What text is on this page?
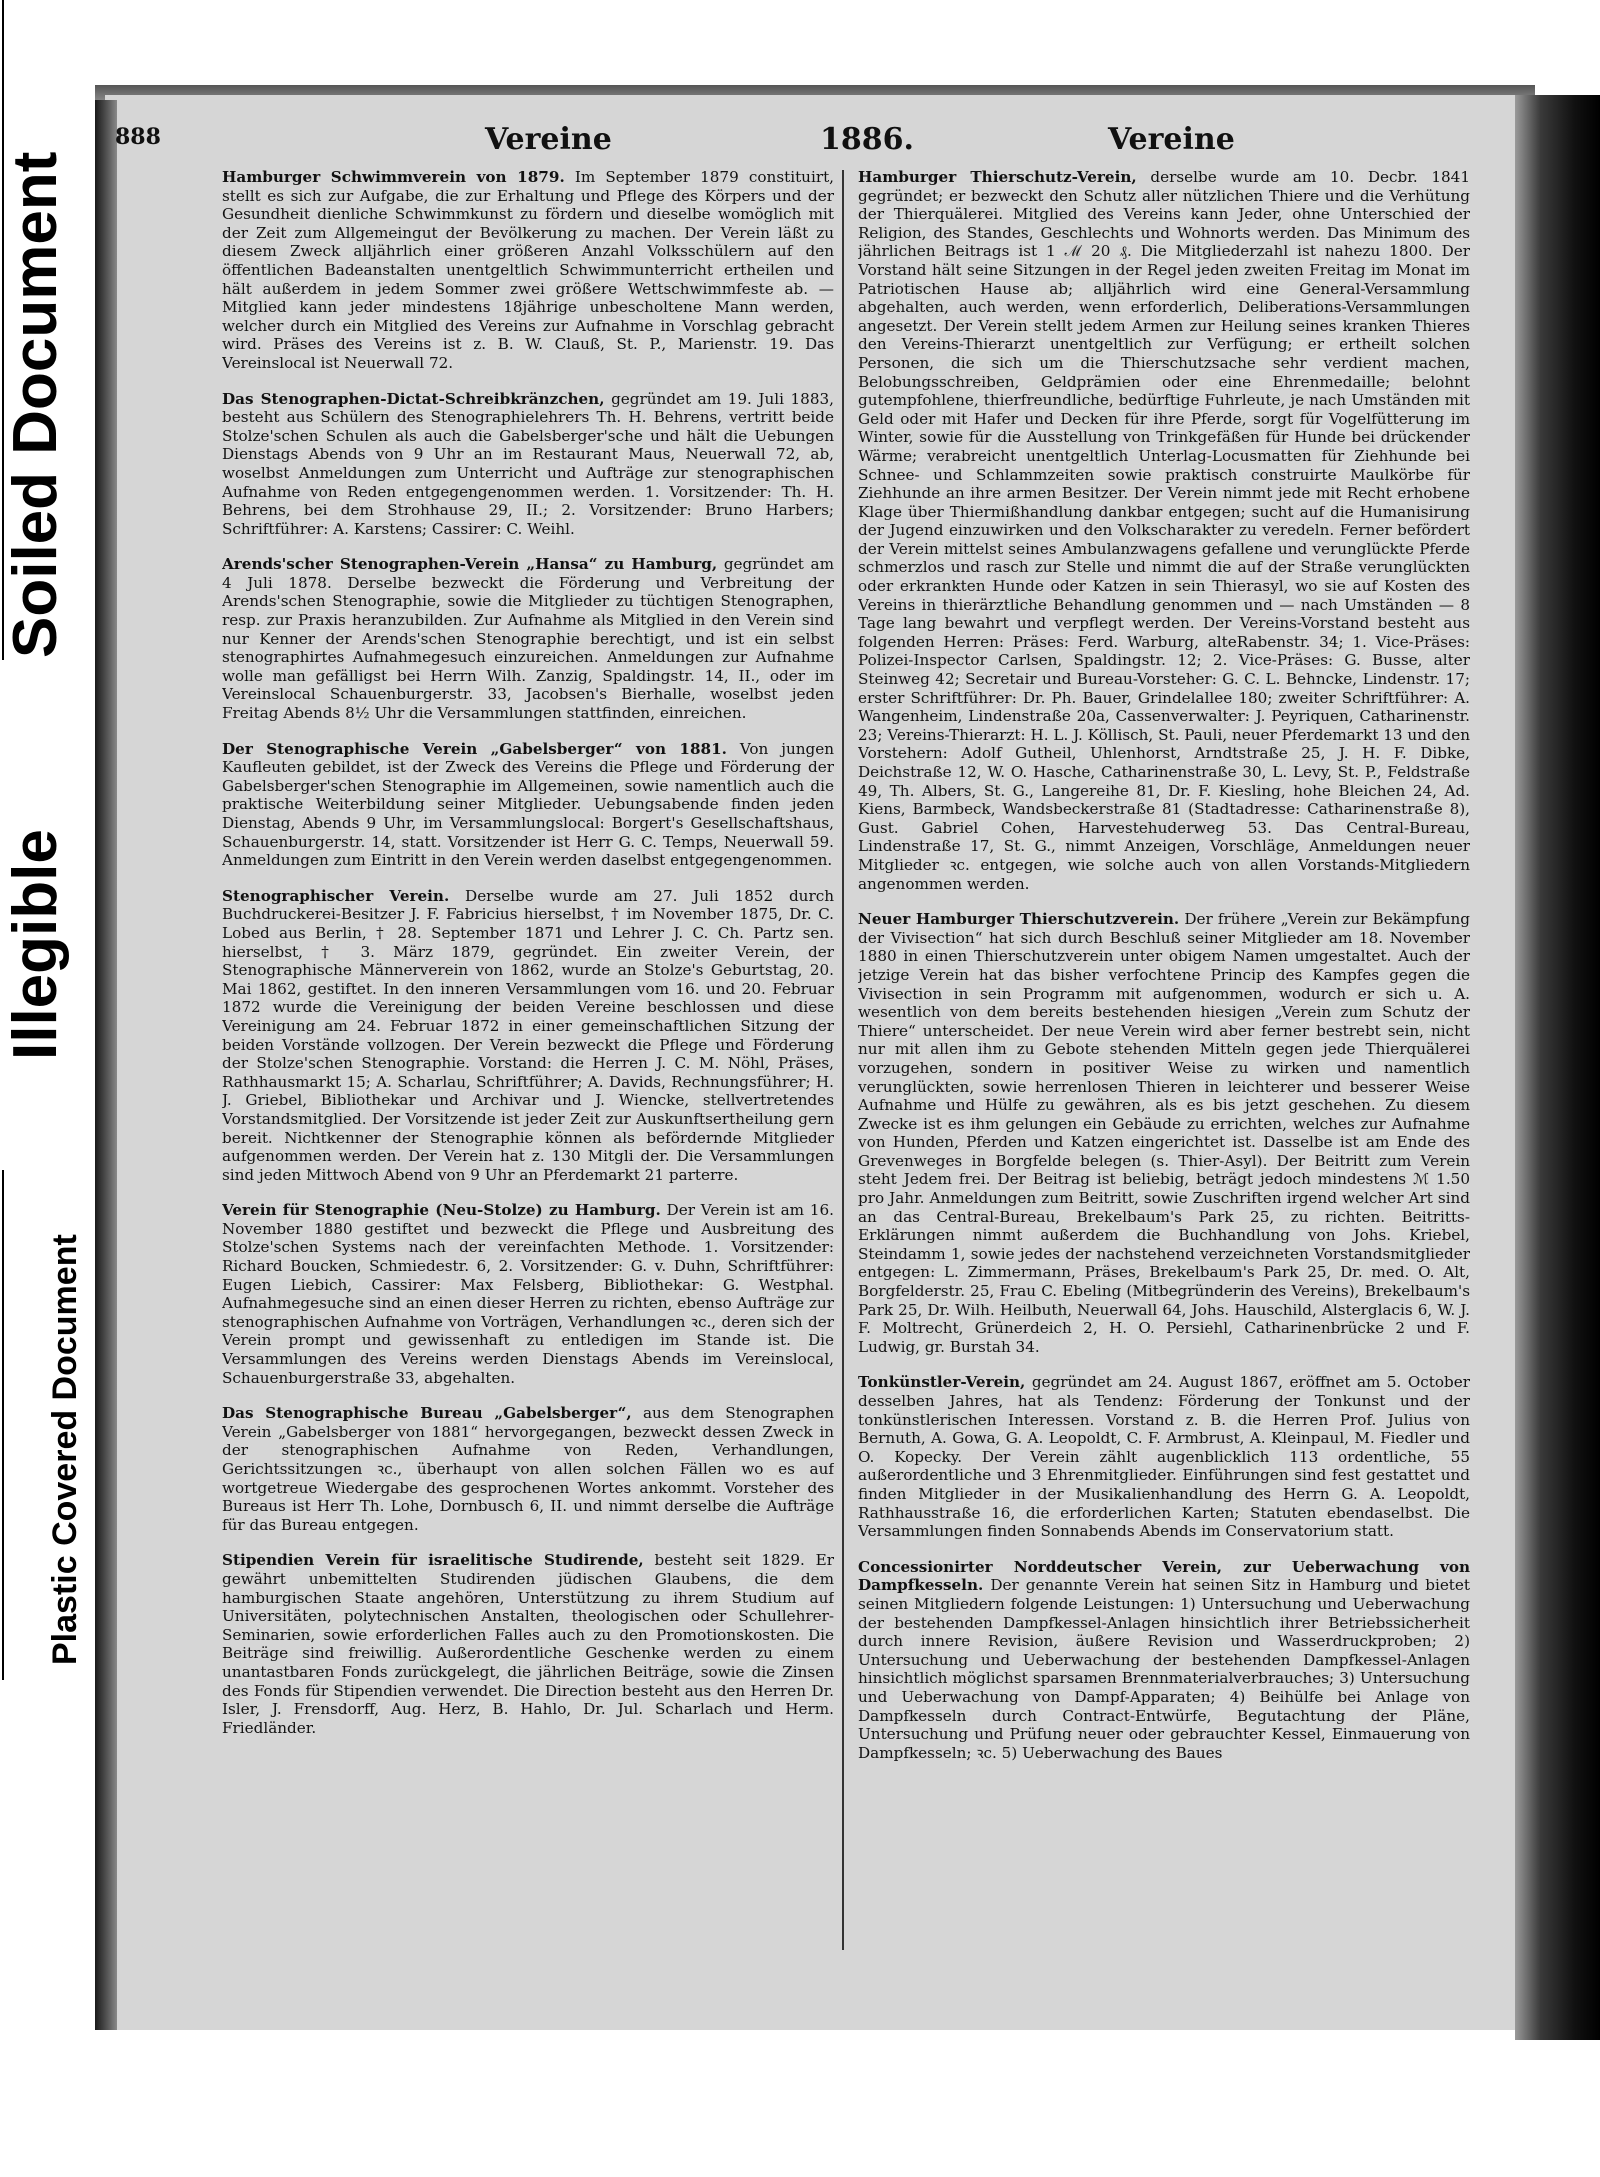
Soiled Document
Illegible
Plastic Covered Document
888	Vereine	1886.	Vereine

Hamburger Schwimmverein von 1879. Im September 1879 constituirt, stellt es sich zur Aufgabe, die zur Erhaltung und Pflege des Körpers und der Gesundheit dienliche Schwimmkunst zu fördern und dieselbe womöglich mit der Zeit zum Allgemeingut der Bevölkerung zu machen. Der Verein läßt zu diesem Zweck alljährlich einer größeren Anzahl Volksschülern auf den öffentlichen Badeanstalten unentgeltlich Schwimmunterricht ertheilen und hält außerdem in jedem Sommer zwei größere Wettschwimmfeste ab. — Mitglied kann jeder mindestens 18jährige unbescholtene Mann werden, welcher durch ein Mitglied des Vereins zur Aufnahme in Vorschlag gebracht wird. Präses des Vereins ist z. B. W. Clauß, St. P., Marienstr. 19. Das Vereinslocal ist Neuerwall 72.

Das Stenographen-Dictat-Schreibkränzchen, gegründet am 19. Juli 1883, besteht aus Schülern des Stenographielehrers Th. H. Behrens, vertritt beide Stolze'schen Schulen als auch die Gabelsberger'sche und hält die Uebungen Dienstags Abends von 9 Uhr an im Restaurant Maus, Neuerwall 72, ab, woselbst Anmeldungen zum Unterricht und Aufträge zur stenographischen Aufnahme von Reden entgegengenommen werden. 1. Vorsitzender: Th. H. Behrens, bei dem Strohhause 29, II.; 2. Vorsitzender: Bruno Harbers; Schriftführer: A. Karstens; Cassirer: C. Weihl.

Arends'scher Stenographen-Verein „Hansa“ zu Hamburg, gegründet am 4 Juli 1878. Derselbe bezweckt die Förderung und Verbreitung der Arends'schen Stenographie, sowie die Mitglieder zu tüchtigen Stenographen, resp. zur Praxis heranzubilden. Zur Aufnahme als Mitglied in den Verein sind nur Kenner der Arends'schen Stenographie berechtigt, und ist ein selbst stenographirtes Aufnahmegesuch einzureichen. Anmeldungen zur Aufnahme wolle man gefälligst bei Herrn Wilh. Zanzig, Spaldingstr. 14, II., oder im Vereinslocal Schauenburgerstr. 33, Jacobsen's Bierhalle, woselbst jeden Freitag Abends 8½ Uhr die Versammlungen stattfinden, einreichen.

Der Stenographische Verein „Gabelsberger“ von 1881. Von jungen Kaufleuten gebildet, ist der Zweck des Vereins die Pflege und Förderung der Gabelsberger'schen Stenographie im Allgemeinen, sowie namentlich auch die praktische Weiterbildung seiner Mitglieder. Uebungsabende finden jeden Dienstag, Abends 9 Uhr, im Versammlungslocal: Borgert's Gesellschaftshaus, Schauenburgerstr. 14, statt. Vorsitzender ist Herr G. C. Temps, Neuerwall 59. Anmeldungen zum Eintritt in den Verein werden daselbst entgegengenommen.

Stenographischer Verein. Derselbe wurde am 27. Juli 1852 durch Buchdruckerei-Besitzer J. F. Fabricius hierselbst, † im November 1875, Dr. C. Lobed aus Berlin, † 28. September 1871 und Lehrer J. C. Ch. Partz sen. hierselbst, † 3. März 1879, gegründet. Ein zweiter Verein, der Stenographische Männerverein von 1862, wurde an Stolze's Geburtstag, 20. Mai 1862, gestiftet. In den inneren Versammlungen vom 16. und 20. Februar 1872 wurde die Vereinigung der beiden Vereine beschlossen und diese Vereinigung am 24. Februar 1872 in einer gemeinschaftlichen Sitzung der beiden Vorstände vollzogen. Der Verein bezweckt die Pflege und Förderung der Stolze'schen Stenographie. Vorstand: die Herren J. C. M. Nöhl, Präses, Rathhausmarkt 15; A. Scharlau, Schriftführer; A. Davids, Rechnungsführer; H. J. Griebel, Bibliothekar und Archivar und J. Wiencke, stellvertretendes Vorstandsmitglied. Der Vorsitzende ist jeder Zeit zur Auskunftsertheilung gern bereit. Nichtkenner der Stenographie können als befördernde Mitglieder aufgenommen werden. Der Verein hat z. 130 Mitgli der. Die Versammlungen sind jeden Mittwoch Abend von 9 Uhr an Pferdemarkt 21 parterre.

Verein für Stenographie (Neu-Stolze) zu Hamburg. Der Verein ist am 16. November 1880 gestiftet und bezweckt die Pflege und Ausbreitung des Stolze'schen Systems nach der vereinfachten Methode. 1. Vorsitzender: Richard Boucken, Schmiedestr. 6, 2. Vorsitzender: G. v. Duhn, Schriftführer: Eugen Liebich, Cassirer: Max Felsberg, Bibliothekar: G. Westphal. Aufnahmegesuche sind an einen dieser Herren zu richten, ebenso Aufträge zur stenographischen Aufnahme von Vorträgen, Verhandlungen ꝛc., deren sich der Verein prompt und gewissenhaft zu entledigen im Stande ist. Die Versammlungen des Vereins werden Dienstags Abends im Vereinslocal, Schauenburgerstraße 33, abgehalten.

Das Stenographische Bureau „Gabelsberger“, aus dem Stenographen Verein „Gabelsberger von 1881“ hervorgegangen, bezweckt dessen Zweck in der stenographischen Aufnahme von Reden, Verhandlungen, Gerichtssitzungen ꝛc., überhaupt von allen solchen Fällen wo es auf wortgetreue Wiedergabe des gesprochenen Wortes ankommt. Vorsteher des Bureaus ist Herr Th. Lohe, Dornbusch 6, II. und nimmt derselbe die Aufträge für das Bureau entgegen.

Stipendien Verein für israelitische Studirende, besteht seit 1829. Er gewährt unbemittelten Studirenden jüdischen Glaubens, die dem hamburgischen Staate angehören, Unterstützung zu ihrem Studium auf Universitäten, polytechnischen Anstalten, theologischen oder Schullehrer-Seminarien, sowie erforderlichen Falles auch zu den Promotionskosten. Die Beiträge sind freiwillig. Außerordentliche Geschenke werden zu einem unantastbaren Fonds zurückgelegt, die jährlichen Beiträge, sowie die Zinsen des Fonds für Stipendien verwendet. Die Direction besteht aus den Herren Dr. Isler, J. Frensdorff, Aug. Herz, B. Hahlo, Dr. Jul. Scharlach und Herm. Friedländer.

Hamburger Thierschutz-Verein, derselbe wurde am 10. Decbr. 1841 gegründet; er bezweckt den Schutz aller nützlichen Thiere und die Verhütung der Thierquälerei. Mitglied des Vereins kann Jeder, ohne Unterschied der Religion, des Standes, Geschlechts und Wohnorts werden. Das Minimum des jährlichen Beitrags ist 1 ℳ 20 ₰. Die Mitgliederzahl ist nahezu 1800. Der Vorstand hält seine Sitzungen in der Regel jeden zweiten Freitag im Monat im Patriotischen Hause ab; alljährlich wird eine General-Versammlung abgehalten, auch werden, wenn erforderlich, Deliberations-Versammlungen angesetzt. Der Verein stellt jedem Armen zur Heilung seines kranken Thieres den Vereins-Thierarzt unentgeltlich zur Verfügung; er ertheilt solchen Personen, die sich um die Thierschutzsache sehr verdient machen, Belobungsschreiben, Geldprämien oder eine Ehrenmedaille; belohnt gutempfohlene, thierfreundliche, bedürftige Fuhrleute, je nach Umständen mit Geld oder mit Hafer und Decken für ihre Pferde, sorgt für Vogelfütterung im Winter, sowie für die Ausstellung von Trinkgefäßen für Hunde bei drückender Wärme; verabreicht unentgeltlich Unterlag-Locusmatten für Ziehhunde bei Schnee- und Schlammzeiten sowie praktisch construirte Maulkörbe für Ziehhunde an ihre armen Besitzer. Der Verein nimmt jede mit Recht erhobene Klage über Thiermißhandlung dankbar entgegen; sucht auf die Humanisirung der Jugend einzuwirken und den Volkscharakter zu veredeln. Ferner befördert der Verein mittelst seines Ambulanzwagens gefallene und verunglückte Pferde schmerzlos und rasch zur Stelle und nimmt die auf der Straße verunglückten oder erkrankten Hunde oder Katzen in sein Thierasyl, wo sie auf Kosten des Vereins in thierärztliche Behandlung genommen und — nach Umständen — 8 Tage lang bewahrt und verpflegt werden. Der Vereins-Vorstand besteht aus folgenden Herren: Präses: Ferd. Warburg, alteRabenstr. 34; 1. Vice-Präses: Polizei-Inspector Carlsen, Spaldingstr. 12; 2. Vice-Präses: G. Busse, alter Steinweg 42; Secretair und Bureau-Vorsteher: G. C. L. Behncke, Lindenstr. 17; erster Schriftführer: Dr. Ph. Bauer, Grindelallee 180; zweiter Schriftführer: A. Wangenheim, Lindenstraße 20a, Cassenverwalter: J. Peyriquen, Catharinenstr. 23; Vereins-Thierarzt: H. L. J. Köllisch, St. Pauli, neuer Pferdemarkt 13 und den Vorstehern: Adolf Gutheil, Uhlenhorst, Arndtstraße 25, J. H. F. Dibke, Deichstraße 12, W. O. Hasche, Catharinenstraße 30, L. Levy, St. P., Feldstraße 49, Th. Albers, St. G., Langereihe 81, Dr. F. Kiesling, hohe Bleichen 24, Ad. Kiens, Barmbeck, Wandsbeckerstraße 81 (Stadtadresse: Catharinenstraße 8), Gust. Gabriel Cohen, Harvestehuderweg 53. Das Central-Bureau, Lindenstraße 17, St. G., nimmt Anzeigen, Vorschläge, Anmeldungen neuer Mitglieder ꝛc. entgegen, wie solche auch von allen Vorstands-Mitgliedern angenommen werden.

Neuer Hamburger Thierschutzverein. Der frühere „Verein zur Bekämpfung der Vivisection“ hat sich durch Beschluß seiner Mitglieder am 18. November 1880 in einen Thierschutzverein unter obigem Namen umgestaltet. Auch der jetzige Verein hat das bisher verfochtene Princip des Kampfes gegen die Vivisection in sein Programm mit aufgenommen, wodurch er sich u. A. wesentlich von dem bereits bestehenden hiesigen „Verein zum Schutz der Thiere“ unterscheidet. Der neue Verein wird aber ferner bestrebt sein, nicht nur mit allen ihm zu Gebote stehenden Mitteln gegen jede Thierquälerei vorzugehen, sondern in positiver Weise zu wirken und namentlich verunglückten, sowie herrenlosen Thieren in leichterer und besserer Weise Aufnahme und Hülfe zu gewähren, als es bis jetzt geschehen. Zu diesem Zwecke ist es ihm gelungen ein Gebäude zu errichten, welches zur Aufnahme von Hunden, Pferden und Katzen eingerichtet ist. Dasselbe ist am Ende des Grevenweges in Borgfelde belegen (s. Thier-Asyl). Der Beitritt zum Verein steht Jedem frei. Der Beitrag ist beliebig, beträgt jedoch mindestens ℳ 1.50 pro Jahr. Anmeldungen zum Beitritt, sowie Zuschriften irgend welcher Art sind an das Central-Bureau, Brekelbaum's Park 25, zu richten. Beitritts-Erklärungen nimmt außerdem die Buchhandlung von Johs. Kriebel, Steindamm 1, sowie jedes der nachstehend verzeichneten Vorstandsmitglieder entgegen: L. Zimmermann, Präses, Brekelbaum's Park 25, Dr. med. O. Alt, Borgfelderstr. 25, Frau C. Ebeling (Mitbegründerin des Vereins), Brekelbaum's Park 25, Dr. Wilh. Heilbuth, Neuerwall 64, Johs. Hauschild, Alsterglacis 6, W. J. F. Moltrecht, Grünerdeich 2, H. O. Persiehl, Catharinenbrücke 2 und F. Ludwig, gr. Burstah 34.

Tonkünstler-Verein, gegründet am 24. August 1867, eröffnet am 5. October desselben Jahres, hat als Tendenz: Förderung der Tonkunst und der tonkünstlerischen Interessen. Vorstand z. B. die Herren Prof. Julius von Bernuth, A. Gowa, G. A. Leopoldt, C. F. Armbrust, A. Kleinpaul, M. Fiedler und O. Kopecky. Der Verein zählt augenblicklich 113 ordentliche, 55 außerordentliche und 3 Ehrenmitglieder. Einführungen sind fest gestattet und finden Mitglieder in der Musikalienhandlung des Herrn G. A. Leopoldt, Rathhausstraße 16, die erforderlichen Karten; Statuten ebendaselbst. Die Versammlungen finden Sonnabends Abends im Conservatorium statt.

Concessionirter Norddeutscher Verein, zur Ueberwachung von Dampfkesseln. Der genannte Verein hat seinen Sitz in Hamburg und bietet seinen Mitgliedern folgende Leistungen: 1) Untersuchung und Ueberwachung der bestehenden Dampfkessel-Anlagen hinsichtlich ihrer Betriebssicherheit durch innere Revision, äußere Revision und Wasserdruckproben; 2) Untersuchung und Ueberwachung der bestehenden Dampfkessel-Anlagen hinsichtlich möglichst sparsamen Brennmaterialverbrauches; 3) Untersuchung und Ueberwachung von Dampf-Apparaten; 4) Beihülfe bei Anlage von Dampfkesseln durch Contract-Entwürfe, Begutachtung der Pläne, Untersuchung und Prüfung neuer oder gebrauchter Kessel, Einmauerung von Dampfkesseln; ꝛc. 5) Ueberwachung des Baues
